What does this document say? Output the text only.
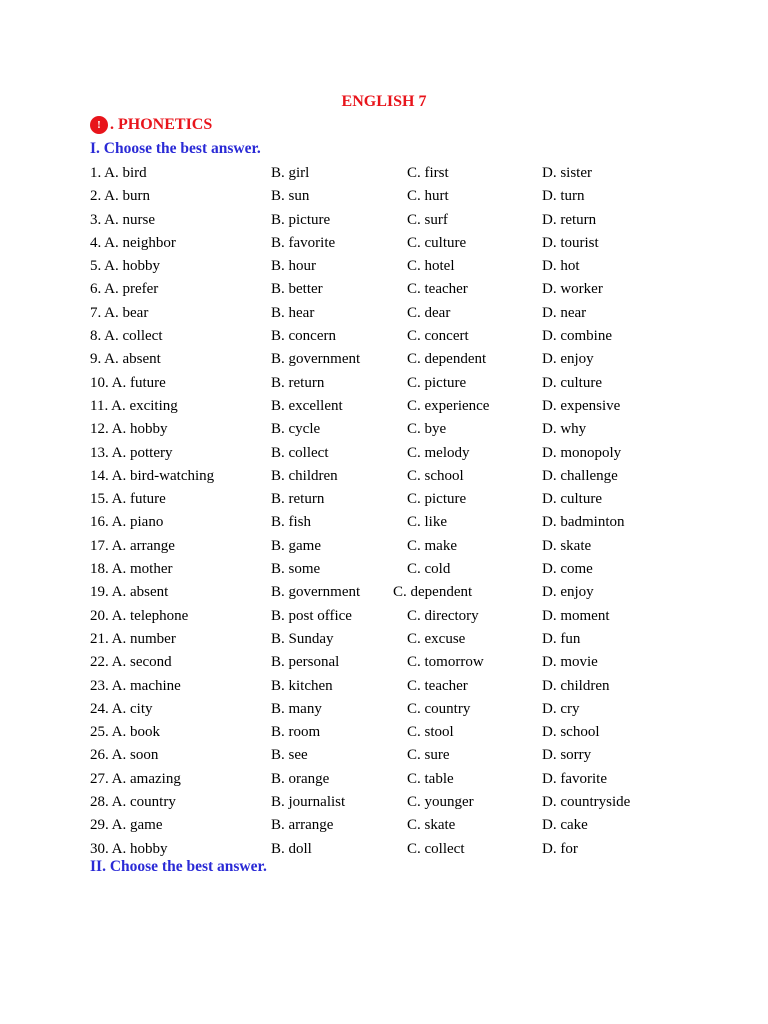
ENGLISH 7
! . PHONETICS
I. Choose the best answer.
1. A. bird	B. girl	C. first	D. sister
2. A. burn	B. sun	C. hurt	D. turn
3. A. nurse	B. picture	C. surf	D. return
4. A. neighbor	B. favorite	C. culture	D. tourist
5. A. hobby	B. hour	C. hotel	D. hot
6. A. prefer	B. better	C. teacher	D. worker
7. A. bear	B. hear	C. dear	D. near
8. A. collect	B. concern	C. concert	D. combine
9. A. absent	B. government	C. dependent	D. enjoy
10. A. future	B. return	C. picture	D. culture
11. A. exciting	B. excellent	C. experience	D. expensive
12. A. hobby	B. cycle	C. bye	D. why
13. A. pottery	B. collect	C. melody	D. monopoly
14. A. bird-watching	B. children	C. school	D. challenge
15. A. future	B. return	C. picture	D. culture
16. A. piano	B. fish	C. like	D. badminton
17. A. arrange	B. game	C. make	D. skate
18. A. mother	B. some	C. cold	D. come
19. A. absent	B. government C. dependent	D. enjoy
20. A. telephone	B. post office	C. directory	D. moment
21. A. number	B. Sunday	C. excuse	D. fun
22. A. second	B. personal	C. tomorrow	D. movie
23. A. machine	B. kitchen	C. teacher	D. children
24. A. city	B. many	C. country	D. cry
25. A. book	B. room	C. stool	D. school
26. A. soon	B. see	C. sure	D. sorry
27. A. amazing	B. orange	C. table	D. favorite
28. A. country	B. journalist	C. younger	D. countryside
29. A. game	B. arrange	C. skate	D. cake
30. A. hobby	B. doll	C. collect	D. for
II. Choose the best answer.
